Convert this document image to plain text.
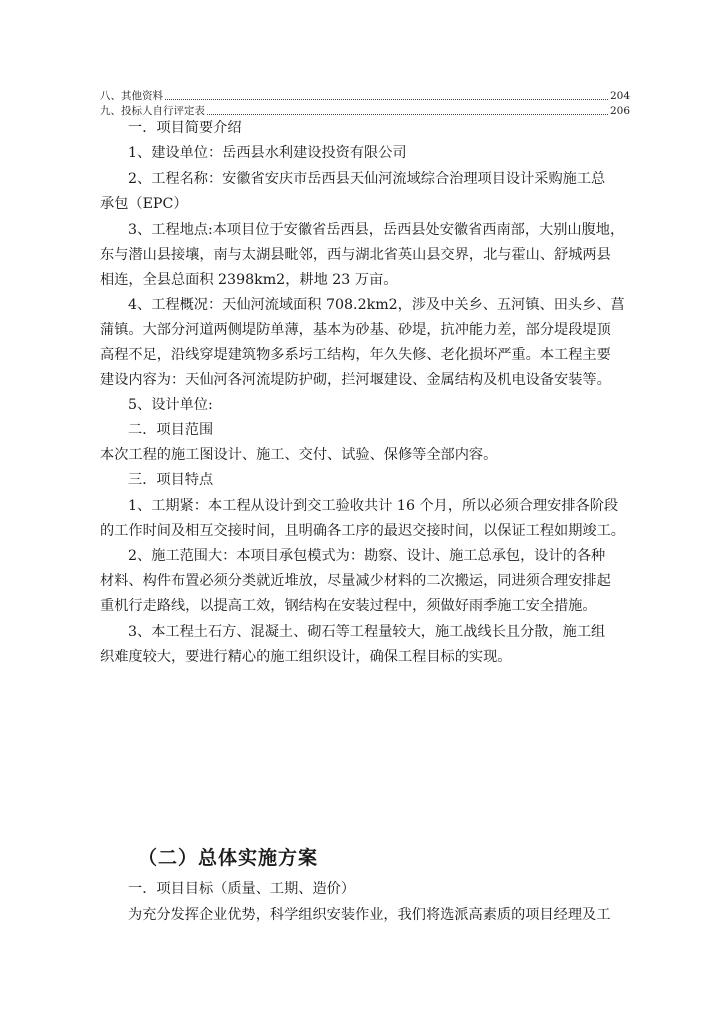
八、其他资料	204
九、投标人自行评定表	206
一．项目简要介绍
1、建设单位：岳西县水利建设投资有限公司
2、工程名称：安徽省安庆市岳西县天仙河流域综合治理项目设计采购施工总
承包（EPC）
3、工程地点:本项目位于安徽省岳西县，岳西县处安徽省西南部，大别山腹地，
东与潜山县接壤，南与太湖县毗邻，西与湖北省英山县交界，北与霍山、舒城两县
相连，全县总面积 2398km2，耕地 23 万亩。
4、工程概况：天仙河流域面积 708.2km2，涉及中关乡、五河镇、田头乡、菖
蒲镇。大部分河道两侧堤防单薄，基本为砂基、砂堤，抗冲能力差，部分堤段堤顶
高程不足，沿线穿堤建筑物多系圬工结构，年久失修、老化损坏严重。本工程主要
建设内容为：天仙河各河流堤防护砌，拦河堰建设、金属结构及机电设备安装等。
5、设计单位:
二．项目范围
本次工程的施工图设计、施工、交付、试验、保修等全部内容。
三．项目特点
1、工期紧：本工程从设计到交工验收共计 16 个月，所以必须合理安排各阶段
的工作时间及相互交接时间，且明确各工序的最迟交接时间，以保证工程如期竣工。
2、施工范围大：本项目承包模式为：勘察、设计、施工总承包，设计的各种
材料、构件布置必须分类就近堆放，尽量减少材料的二次搬运，同进须合理安排起
重机行走路线，以提高工效，钢结构在安装过程中，须做好雨季施工安全措施。
3、本工程土石方、混凝土、砌石等工程量较大，施工战线长且分散，施工组
织难度较大，要进行精心的施工组织设计，确保工程目标的实现。
（二）总体实施方案
一．项目目标（质量、工期、造价）
为充分发挥企业优势，科学组织安装作业，我们将选派高素质的项目经理及工
